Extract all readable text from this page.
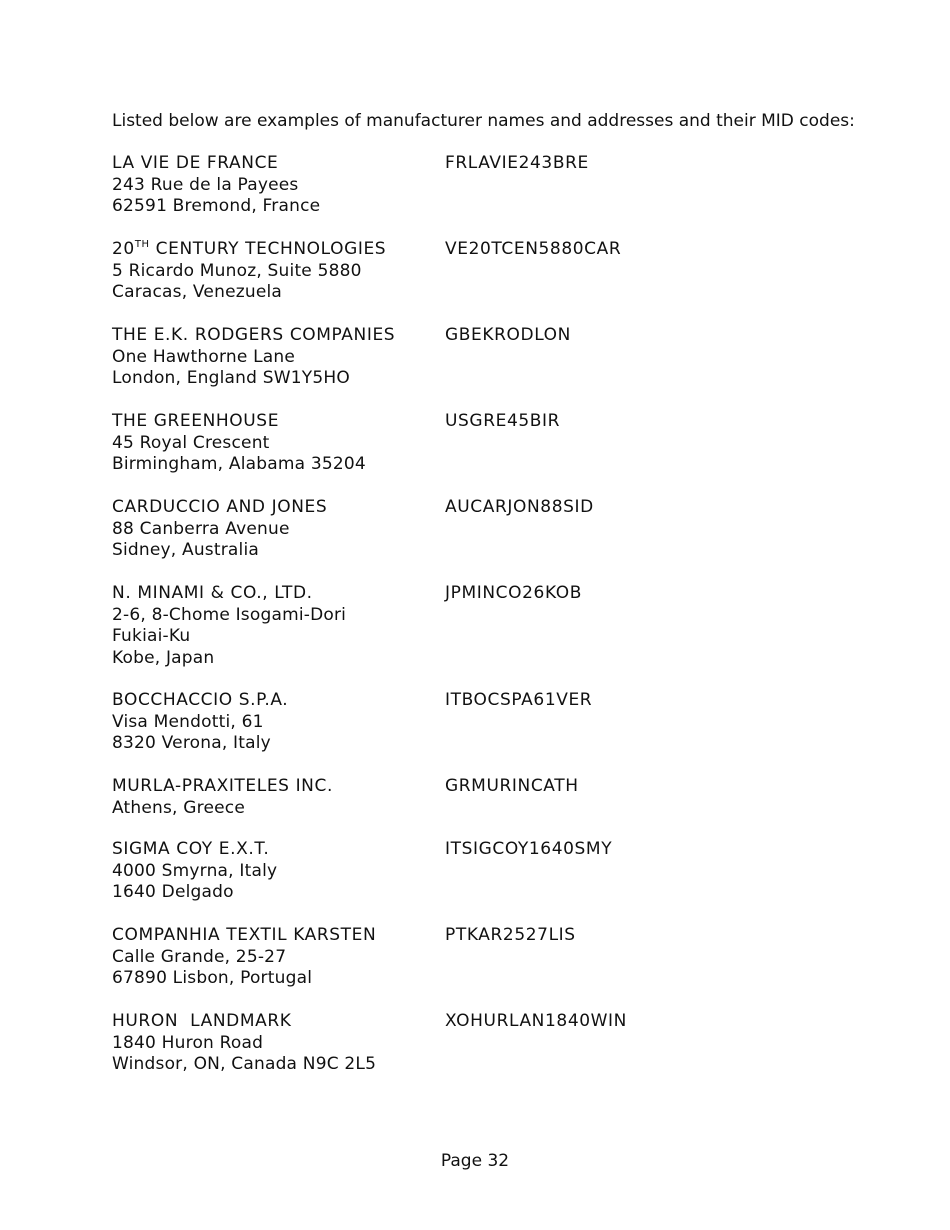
Listed below are examples of manufacturer names and addresses and their MID codes:
LA VIE DE FRANCE	FRLAVIE243BRE
243 Rue de la Payees
62591 Bremond, France
20TH CENTURY TECHNOLOGIES	VE20TCEN5880CAR
5 Ricardo Munoz, Suite 5880
Caracas, Venezuela
THE E.K. RODGERS COMPANIES	GBEKRODLON
One Hawthorne Lane
London, England SW1Y5HO
THE GREENHOUSE	USGRE45BIR
45 Royal Crescent
Birmingham, Alabama 35204
CARDUCCIO AND JONES	AUCARJON88SID
88 Canberra Avenue
Sidney, Australia
N. MINAMI & CO., LTD.	JPMINCO26KOB
2-6, 8-Chome Isogami-Dori
Fukiai-Ku
Kobe, Japan
BOCCHACCIO S.P.A.	ITBOCSPA61VER
Visa Mendotti, 61
8320 Verona, Italy
MURLA-PRAXITELES INC.	GRMURINCATH
Athens, Greece
SIGMA COY E.X.T.	ITSIGCOY1640SMY
4000 Smyrna, Italy
1640 Delgado
COMPANHIA TEXTIL KARSTEN	PTKAR2527LIS
Calle Grande, 25-27
67890 Lisbon, Portugal
HURON  LANDMARK	XOHURLAN1840WIN
1840 Huron Road
Windsor, ON, Canada N9C 2L5
Page 32
